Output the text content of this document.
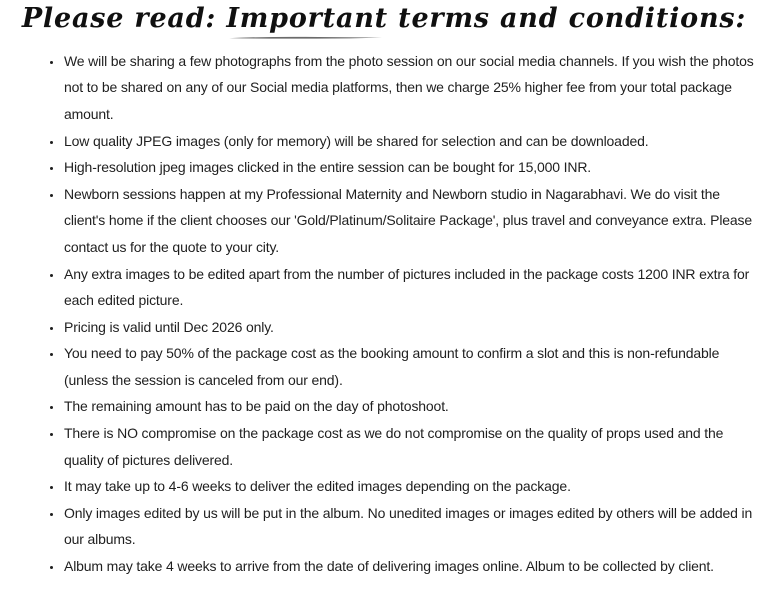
Please read: Important
terms and conditions:
• We will be sharing a few photographs from the photo session on our social media channels. If you wish the photos not to be shared on any of our Social media platforms, then we charge 25% higher fee from your total package amount.
• Low quality JPEG images (only for memory) will be shared for selection and can be downloaded.
• High-resolution jpeg images clicked in the entire session can be bought for 15,000 INR.
• Newborn sessions happen at my Professional Maternity and Newborn studio in Nagarabhavi. We do visit the client's home if the client chooses our 'Gold/Platinum/Solitaire Package', plus travel and conveyance extra. Please contact us for the quote to your city.
• Any extra images to be edited apart from the number of pictures included in the package costs 1200 INR extra for each edited picture.
• Pricing is valid until Dec 2026 only.
• You need to pay 50% of the package cost as the booking amount to confirm a slot and this is non-refundable (unless the session is canceled from our end).
• The remaining amount has to be paid on the day of photoshoot.
• There is NO compromise on the package cost as we do not compromise on the quality of props used and the quality of pictures delivered.
• It may take up to 4-6 weeks to deliver the edited images depending on the package.
• Only images edited by us will be put in the album. No unedited images or images edited by others will be added in our albums.
• Album may take 4 weeks to arrive from the date of delivering images online. Album to be collected by client.
